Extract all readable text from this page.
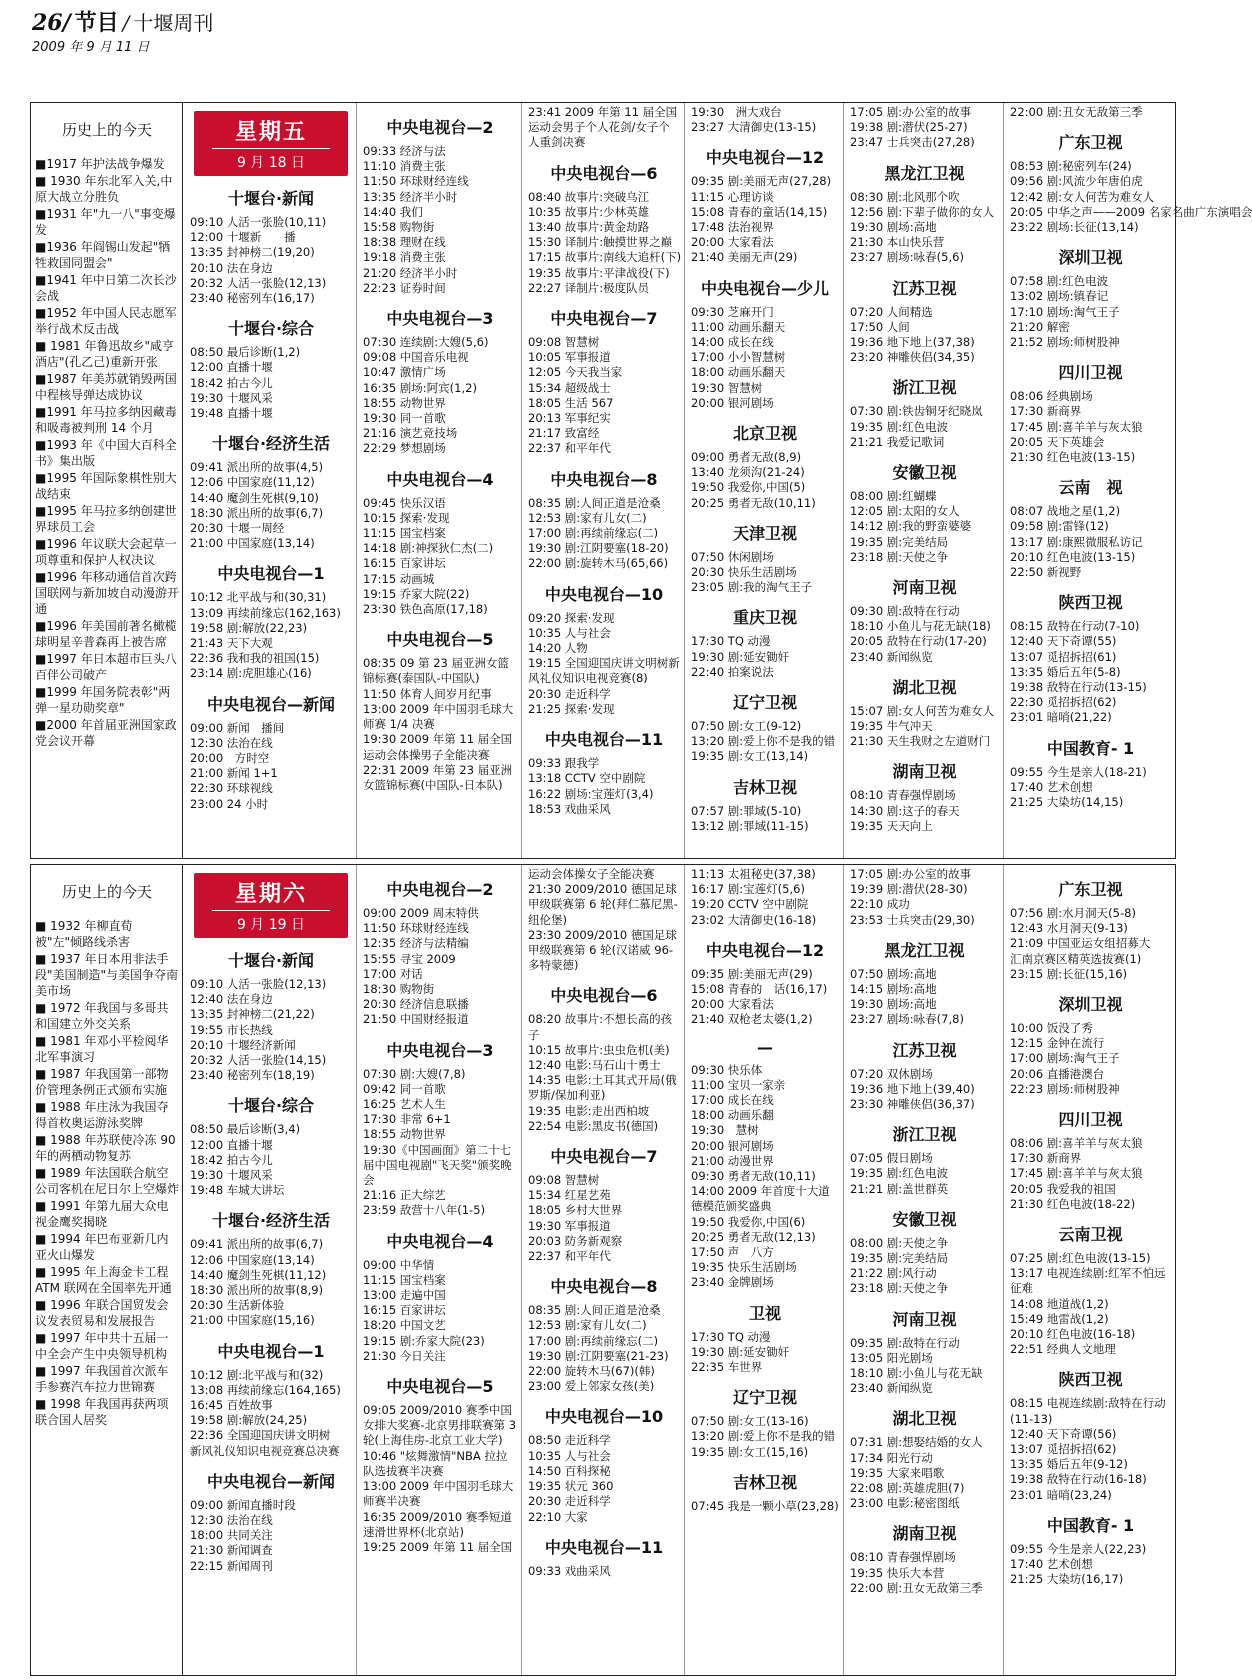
26/ 节目 / 十堰周刊
2009 年 9 月 11 日
历史上的今天

■1917 年护法战争爆发

■ 1930 年东北军入关,中原大战立分胜负

■1931 年"九一八"事变爆发

■1936 年阎锡山发起"牺牲救国同盟会"

■1941 年中日第二次长沙会战

■1952 年中国人民志愿军举行战术反击战

■ 1981 年鲁迅故乡"咸亨酒店"(孔乙己)重新开张

■1987 年美苏就销毁两国中程核导弹达成协议

■1991 年马拉多纳因藏毒和吸毒被判刑 14 个月

■1993 年《中国大百科全书》集出版

■1995 年国际象棋性别大战结束

■1995 年马拉多纳创建世界球员工会

■1996 年议联大会起草一项尊重和保护人权决议

■1996 年移动通信首次跨国联网与新加坡自动漫游开通

■1996 年美国前著名橄榄球明星辛普森再上被告席

■1997 年日本超市巨头八百伴公司破产

■1999 年国务院表彰"两弹一星功勋奖章"

■2000 年首届亚洲国家政党会议开幕

星期五
9 月 18 日
十堰台·新闻
09:10 人活一张脸(10,11)
12:00 十堰新　　播
13:35 封神榜二(19,20)
20:10 法在身边
20:32 人活一张脸(12,13)
23:40 秘密列车(16,17)
十堰台·综合
08:50 最后诊断(1,2)
12:00 直播十堰
18:42 拍古今儿
19:30 十堰风采
19:48 直播十堰
十堰台·经济生活
09:41 派出所的故事(4,5)
12:06 中国家庭(11,12)
14:40 魔剑生死棋(9,10)
18:30 派出所的故事(6,7)
20:30 十堰一周经
21:00 中国家庭(13,14)
中央电视台—1
10:12 北平战与和(30,31)
13:09 再续前缘忘(162,163)
19:58 剧:解放(22,23)
21:43 天下大观
22:36 我和我的祖国(15)
23:14 剧:虎胆雄心(16)
中央电视台—新闻
09:00 新闻　播间
12:30 法治在线
20:00　方时空
21:00 新闻 1+1
22:30 环球视线
23:00 24 小时
中央电视台—2
09:33 经济与法
11:10 消费主张
11:50 环球财经连线
13:35 经济半小时
14:40 我们
15:58 购物街
18:38 理财在线
19:18 消费主张
21:20 经济半小时
22:23 证券时间
中央电视台—3
07:30 连续剧:大嫂(5,6)
09:08 中国音乐电视
10:47 激情广场
16:35 剧场:阿宾(1,2)
18:55 动物世界
19:30 同一首歌
21:16 演艺竞技场
22:29 梦想剧场
中央电视台—4
09:45 快乐汉语
10:15 探索·发现
11:15 国宝档案
14:18 剧:神探狄仁杰(二)
16:15 百家讲坛
17:15 动画城
19:15 乔家大院(22)
23:30 铁色高原(17,18)
中央电视台—5
08:35 09 第 23 届亚洲女篮锦标赛(泰国队-中国队)
11:50 体育人间岁月纪事
13:00 2009 年中国羽毛球大师赛 1/4 决赛
19:30 2009 年第 11 届全国运动会体操男子全能决赛
22:31 2009 年第 23 届亚洲女篮锦标赛(中国队-日本队)
23:41 2009 年第 11 届全国运动会男子个人花剑/女子个人重剑决赛
中央电视台—6
08:40 故事片:突破乌江
10:35 故事片:少林英雄
13:40 故事片:黄金劫路
15:30 译制片:触摸世界之巅
17:15 故事片:南线大追杆(下)
19:35 故事片:平津战役(下)
22:27 译制片:极度队员
中央电视台—7
09:08 智慧树
10:05 军事报道
12:05 今天我当家
15:34 超级战士
18:05 生活 567
20:13 军事纪实
21:17 致富经
22:37 和平年代
中央电视台—8
08:35 剧:人间正道是沧桑
12:53 剧:家有儿女(二)
17:00 剧:再续前缘忘(二)
19:30 剧:江阴要塞(18-20)
22:00 剧:旋转木马(65,66)
中央电视台—10
09:20 探索·发现
10:35 人与社会
14:20 人物
19:15 全国迎国庆讲文明树新风礼仪知识电视竞赛(8)
20:30 走近科学
21:25 探索·发现
中央电视台—11
09:33 跟我学
13:18 CCTV 空中剧院
16:22 剧场:宝莲灯(3,4)
18:53 戏曲采风
19:30　洲大戏台
23:27 大清御史(13-15)
中央电视台—12
09:35 剧:美丽无声(27,28)
11:15 心理访谈
15:08 青春的童话(14,15)
17:48 法治视界
20:00 大家看法
21:40 美丽无声(29)
中央电视台—少儿
09:30 芝麻开门
11:00 动画乐翻天
14:00 成长在线
17:00 小小智慧树
18:00 动画乐翻天
19:30 智慧树
20:00 银河剧场
北京卫视
09:00 勇者无敌(8,9)
13:40 龙须沟(21-24)
19:50 我爱你,中国(5)
20:25 勇者无敌(10,11)
天津卫视
07:50 休闲剧场
20:30 快乐生活剧场
23:05 剧:我的淘气王子
重庆卫视
17:30 TQ 动漫
19:30 剧:延安锄奸
22:40 拍案说法
辽宁卫视
07:50 剧:女工(9-12)
13:20 剧:爱上你不是我的错
19:35 剧:女工(13,14)
吉林卫视
07:57 剧:罪域(5-10)
13:12 剧:罪域(11-15)
17:05 剧:办公室的故事
19:38 剧:潜伏(25-27)
23:47 士兵突击(27,28)
黑龙江卫视
08:30 剧:北风那个吹
12:56 剧:下辈子做你的女人
19:30 剧场:高地
21:30 本山快乐营
23:27 剧场:咏春(5,6)
江苏卫视
07:20 人间精选
17:50 人间
19:36 地下地上(37,38)
23:20 神雕侠侣(34,35)
浙江卫视
07:30 剧:铁齿铜牙纪晓岚
19:35 剧:红色电波
21:21 我爱记歌词
安徽卫视
08:00 剧:红蝴蝶
12:05 剧:太阳的女人
14:12 剧:我的野蛮婆婆
19:35 剧:完美结局
23:18 剧:天使之争
河南卫视
09:30 剧:敌特在行动
18:10 小鱼儿与花无缺(18)
20:05 敌特在行动(17-20)
23:40 新闻纵览
湖北卫视
15:07 剧:女人何苦为难女人
19:35 牛气冲天
21:30 天生我财之左道财门
湖南卫视
08:10 青春强悍剧场
14:30 剧:这子的春天
19:35 天天向上
22:00 剧:丑女无敌第三季
广东卫视
08:53 剧:秘密列车(24)
09:56 剧:风流少年唐伯虎
12:42 剧:女人何苦为难女人
20:05 中华之声——2009 名家名曲广东演唱会
23:22 剧场:长征(13,14)
深圳卫视
07:58 剧:红色电波
13:02 剧场:镇春记
17:10 剧场:淘气王子
21:20 解密
21:52 剧场:师树股神
四川卫视
08:06 经典剧场
17:30 新商界
17:45 剧:喜羊羊与灰太狼
20:05 天下英雄会
21:30 红色电波(13-15)
云南　视
08:07 战地之星(1,2)
09:58 剧:雷锋(12)
13:17 剧:康熙微服私访记
20:10 红色电波(13-15)
22:50 新视野
陕西卫视
08:15 敌特在行动(7-10)
12:40 天下奇谭(55)
13:07 觅招拆招(61)
13:35 婚后五年(5-8)
19:38 敌特在行动(13-15)
22:30 觅招拆招(62)
23:01 暗哨(21,22)
中国教育- 1
09:55 今生是亲人(18-21)
17:40 艺术创想
21:25 大染坊(14,15)
历史上的今天

■ 1932 年柳直荀被"左"倾路线杀害

■ 1937 年日本用非法手段"美国制造"与美国争夺南美市场

■ 1972 年我国与多哥共和国建立外交关系

■ 1981 年邓小平检阅华北军事演习

■ 1987 年我国第一部物价管理条例正式颁布实施

■ 1988 年庄泳为我国夺得首枚奥运游泳奖牌

■ 1988 年苏联使冷冻 90 年的两栖动物复苏

■ 1989 年法国联合航空公司客机在尼日尔上空爆炸

■ 1991 年第九届大众电视金鹰奖揭晓

■ 1994 年巴布亚新几内亚火山爆发

■ 1995 年上海金卡工程 ATM 联网在全国率先开通

■ 1996 年联合国贸发会议发表贸易和发展报告

■ 1997 年中共十五届一中全会产生中央领导机构

■ 1997 年我国首次派车手参赛汽车拉力世锦赛

■ 1998 年我国再获两项联合国人居奖

星期六
9 月 19 日
十堰台·新闻
09:10 人活一张脸(12,13)
12:40 法在身边
13:35 封神榜二(21,22)
19:55 市长热线
20:10 十堰经济新闻
20:32 人活一张脸(14,15)
23:40 秘密列车(18,19)
十堰台·综合
08:50 最后诊断(3,4)
12:00 直播十堰
18:42 拍古今儿
19:30 十堰风采
19:48 车城大讲坛
十堰台·经济生活
09:41 派出所的故事(6,7)
12:06 中国家庭(13,14)
14:40 魔剑生死棋(11,12)
18:30 派出所的故事(8,9)
20:30 生活新体验
21:00 中国家庭(15,16)
中央电视台—1
10:12 剧:北平战与和(32)
13:08 再续前缘忘(164,165)
16:45 百姓故事
19:58 剧:解放(24,25)
22:36 全国迎国庆讲文明树
新风礼仪知识电视竞赛总决赛
中央电视台—新闻
09:00 新闻直播时段
12:30 法治在线
18:00 共同关注
21:30 新闻调查
22:15 新闻周刊
中央电视台—2
09:00 2009 周末特供
11:50 环球财经连线
12:35 经济与法精编
15:55 寻宝 2009
17:00 对话
18:30 购物街
20:30 经济信息联播
21:50 中国财经报道
中央电视台—3
07:30 剧:大嫂(7,8)
09:42 同一首歌
16:25 艺术人生
17:30 非常 6+1
18:55 动物世界
19:30《中国画面》第二十七届中国电视剧"飞天奖"颁奖晚会
21:16 正大综艺
23:59 敌营十八年(1-5)
中央电视台—4
09:00 中华情
11:15 国宝档案
13:00 走遍中国
16:15 百家讲坛
18:20 中国文艺
19:15 剧:乔家大院(23)
21:30 今日关注
中央电视台—5
09:05 2009/2010 赛季中国女排大奖赛-北京男排联赛第 3 轮(上海佳房-北京工业大学)
10:46 "炫舞激情"NBA 拉拉队选拔赛半决赛
13:00 2009 年中国羽毛球大师赛半决赛
16:35 2009/2010 赛季短道速滑世界杯(北京站)
19:25 2009 年第 11 届全国
运动会体操女子全能决赛
21:30 2009/2010 德国足球甲级联赛第 6 轮(拜仁慕尼黑-纽伦堡)
23:30 2009/2010 德国足球甲级联赛第 6 轮(汉诺威 96-多特蒙德)
中央电视台—6
08:20 故事片:不想长高的孩子
10:15 故事片:虫虫危机(美)
12:40 电影:马石山十勇士
14:35 电影:土耳其式开局(俄罗斯/保加利亚)
19:35 电影:走出西柏坡
22:54 电影:黑皮书(德国)
中央电视台—7
09:08 智慧树
15:34 红星艺苑
18:05 乡村大世界
19:30 军事报道
20:03 防务新观察
22:37 和平年代
中央电视台—8
08:35 剧:人间正道是沧桑
12:53 剧:家有儿女(二)
17:00 剧:再续前缘忘(二)
19:30 剧:江阴要塞(21-23)
22:00 旋转木马(67)(韩)
23:00 爱上邻家女孩(美)
中央电视台—10
08:50 走近科学
10:35 人与社会
14:50 百科探秘
19:35 状元 360
20:30 走近科学
22:10 大家
中央电视台—11
09:33 戏曲采风
11:13 太祖秘史(37,38)
16:17 剧:宝莲灯(5,6)
19:20 CCTV 空中剧院
23:02 大清御史(16-18)
中央电视台—12
09:35 剧:美丽无声(29)
15:08 青春的　话(16,17)
20:00 大家看法
21:40 双枪老太婆(1,2)
—
09:30 快乐体
11:00 宝贝一家亲
17:00 成长在线
18:00 动画乐翻
19:30　慧树
20:00 银河剧场
21:00 动漫世界
09:30 勇者无敌(10,11)
14:00 2009 年首度十大道
德模范颁奖盛典
19:50 我爱你,中国(6)
20:25 勇者无敌(12,13)
17:50 声　八方
19:35 快乐生活剧场
23:40 金牌剧场
卫视
17:30 TQ 动漫
19:30 剧:延安锄奸
22:35 车世界
辽宁卫视
07:50 剧:女工(13-16)
13:20 剧:爱上你不是我的错
19:35 剧:女工(15,16)
吉林卫视
07:45 我是一颗小草(23,28)
17:05 剧:办公室的故事
19:39 剧:潜伏(28-30)
22:10 成功
23:53 士兵突击(29,30)
黑龙江卫视
07:50 剧场:高地
14:15 剧场:高地
19:30 剧场:高地
23:27 剧场:咏春(7,8)
江苏卫视
07:20 双休剧场
19:36 地下地上(39,40)
23:30 神雕侠侣(36,37)
浙江卫视
07:05 假日剧场
19:35 剧:红色电波
21:21 剧:盖世群英
安徽卫视
08:00 剧:天使之争
19:35 剧:完美结局
21:22 剧:风行动
23:18 剧:天使之争
河南卫视
09:35 剧:敌特在行动
13:05 阳光剧场
18:10 剧:小鱼儿与花无缺
23:40 新闻纵览
湖北卫视
07:31 剧:想娶结婚的女人
17:34 阳光行动
19:35 大家来唱歌
22:08 剧:英雄虎胆(7)
23:00 电影:秘密图纸
湖南卫视
08:10 青春强悍剧场
19:35 快乐大本营
22:00 剧:丑女无敌第三季
广东卫视
07:56 剧:水月洞天(5-8)
12:43 水月洞天(9-13)
21:09 中国亚运女组招募大
汇南京赛区精英选拔赛(1)
23:15 剧:长征(15,16)
深圳卫视
10:00 饭没了秀
12:15 金钟在流行
17:00 剧场:淘气王子
20:06 直播港澳台
22:23 剧场:师树股神
四川卫视
08:06 剧:喜羊羊与灰太狼
17:30 新商界
17:45 剧:喜羊羊与灰太狼
20:05 我爱我的祖国
21:30 红色电波(18-22)
云南卫视
07:25 剧:红色电波(13-15)
13:17 电视连续剧:红军不怕远征难
14:08 地道战(1,2)
15:49 地雷战(1,2)
20:10 红色电波(16-18)
22:51 经典人文地理
陕西卫视
08:15 电视连续剧:敌特在行动(11-13)
12:40 天下奇谭(56)
13:07 觅招拆招(62)
13:35 婚后五年(9-12)
19:38 敌特在行动(16-18)
23:01 暗哨(23,24)
中国教育- 1
09:55 今生是亲人(22,23)
17:40 艺术创想
21:25 大染坊(16,17)
